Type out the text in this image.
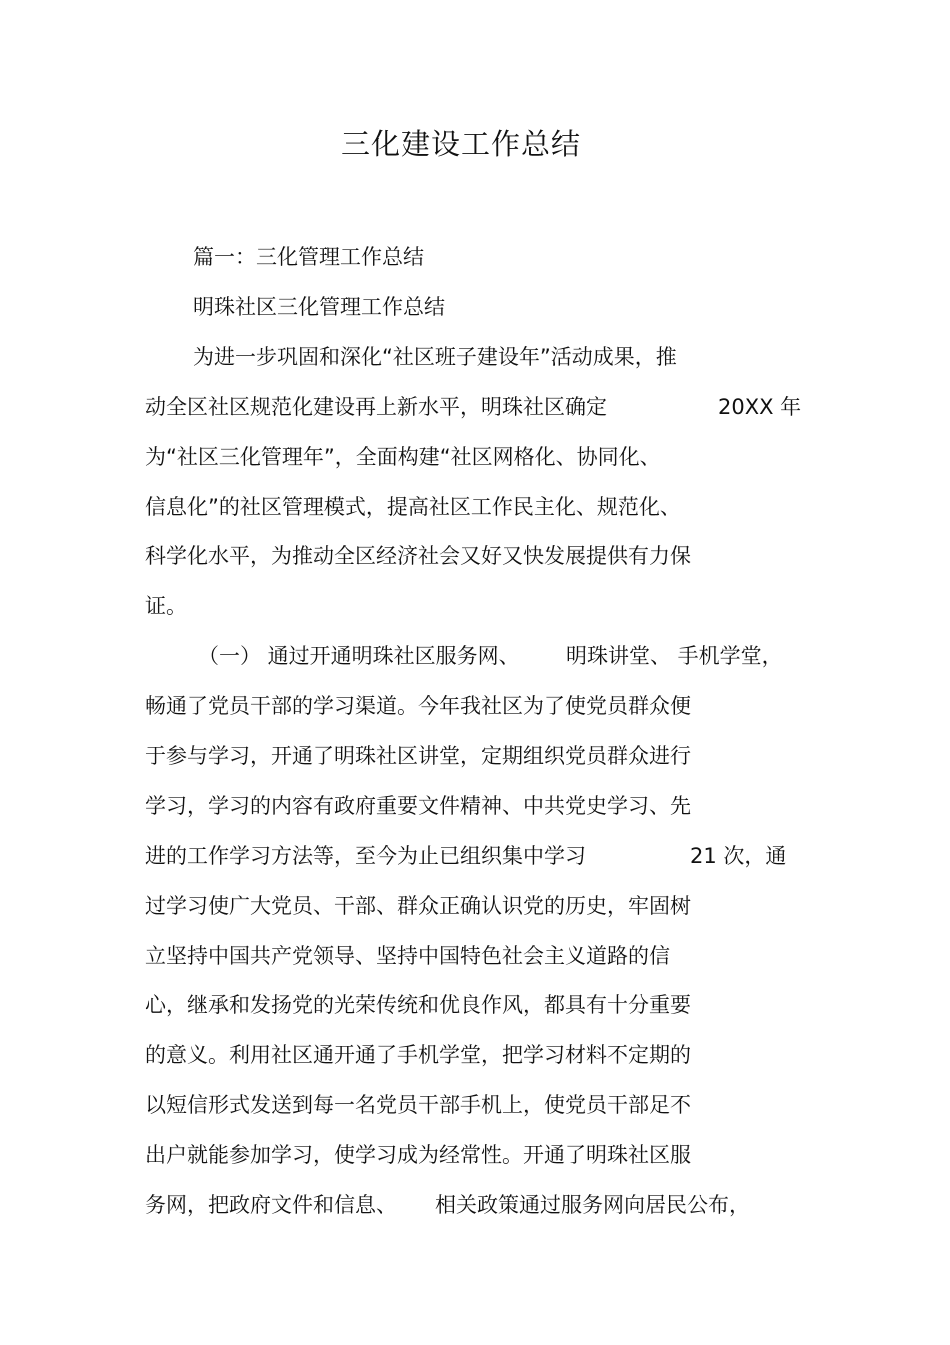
三化建设工作总结
篇一：三化管理工作总结
明珠社区三化管理工作总结
为进一步巩固和深化“社区班子建设年”活动成果，推
动全区社区规范化建设再上新水平，明珠社区确定	20XX 年
为“社区三化管理年”，全面构建“社区网格化、协同化、
信息化”的社区管理模式，提高社区工作民主化、规范化、
科学化水平，为推动全区经济社会又好又快发展提供有力保
证。
（一） 通过开通明珠社区服务网、 明珠讲堂、 手机学堂，
畅通了党员干部的学习渠道。今年我社区为了使党员群众便
于参与学习，开通了明珠社区讲堂，定期组织党员群众进行
学习，学习的内容有政府重要文件精神、中共党史学习、先
进的工作学习方法等，至今为止已组织集中学习	21 次，通
过学习使广大党员、干部、群众正确认识党的历史，牢固树
立坚持中国共产党领导、坚持中国特色社会主义道路的信
心，继承和发扬党的光荣传统和优良作风，都具有十分重要
的意义。利用社区通开通了手机学堂，把学习材料不定期的
以短信形式发送到每一名党员干部手机上，使党员干部足不
出户就能参加学习，使学习成为经常性。开通了明珠社区服
务网，把政府文件和信息、 相关政策通过服务网向居民公布，
